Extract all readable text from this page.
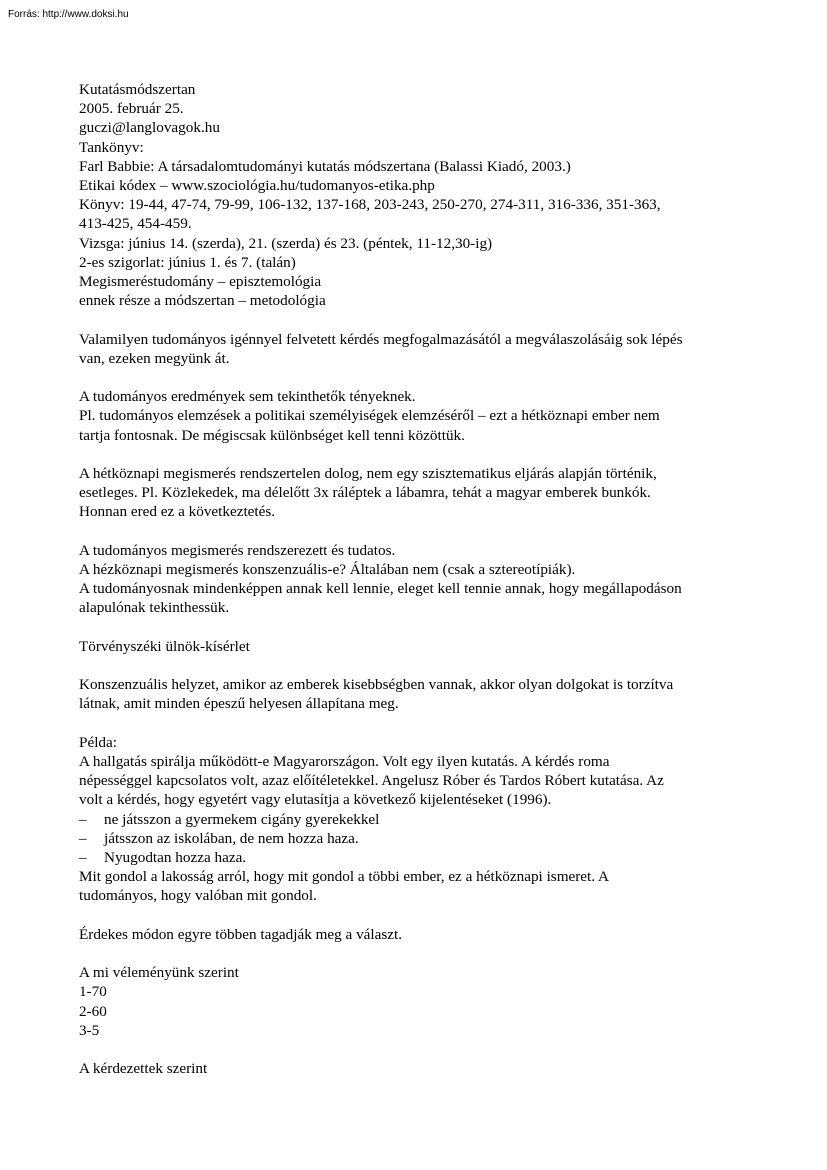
Forrás: http://www.doksi.hu
Kutatásmódszertan
2005. február 25.
guczi@langlovagok.hu
Tankönyv:
Farl Babbie: A társadalomtudományi kutatás módszertana (Balassi Kiadó, 2003.)
Etikai kódex – www.szociológia.hu/tudomanyos-etika.php
Könyv: 19-44, 47-74, 79-99, 106-132, 137-168, 203-243, 250-270, 274-311, 316-336, 351-363,
413-425, 454-459.
Vizsga: június 14. (szerda), 21. (szerda) és 23. (péntek, 11-12,30-ig)
2-es szigorlat: június 1. és 7. (talán)
Megismeréstudomány – episztemológia
ennek része a módszertan – metodológia
Valamilyen tudományos igénnyel felvetett kérdés megfogalmazásától a megválaszolásáig sok lépés
van, ezeken megyünk át.
A tudományos eredmények sem tekinthetők tényeknek.
Pl. tudományos elemzések a politikai személyiségek elemzéséről – ezt a hétköznapi ember nem
tartja fontosnak. De mégiscsak különbséget kell tenni közöttük.
A hétköznapi megismerés rendszertelen dolog, nem egy szisztematikus eljárás alapján történik,
esetleges. Pl. Közlekedek, ma délelőtt 3x ráléptek a lábamra, tehát a magyar emberek bunkók.
Honnan ered ez a következtetés.
A tudományos megismerés rendszerezett és tudatos.
A hézköznapi megismerés konszenzuális-e? Általában nem (csak a sztereotípiák).
A tudományosnak mindenképpen annak kell lennie, eleget kell tennie annak, hogy megállapodáson
alapulónak tekinthessük.
Törvényszéki ülnök-kísérlet
Konszenzuális helyzet, amikor az emberek kisebbségben vannak, akkor olyan dolgokat is torzítva
látnak, amit minden épeszű helyesen állapítana meg.
Példa:
A hallgatás spirálja működött-e Magyarországon. Volt egy ilyen kutatás. A kérdés roma
népességgel kapcsolatos volt, azaz előítéletekkel. Angelusz Róber és Tardos Róbert kutatása. Az
volt a kérdés, hogy egyetért vagy elutasítja a következő kijelentéseket (1996).
–	ne játsszon a gyermekem cigány gyerekekkel
–	játsszon az iskolában, de nem hozza haza.
–	Nyugodtan hozza haza.
Mit gondol a lakosság arról, hogy mit gondol a többi ember, ez a hétköznapi ismeret. A
tudományos, hogy valóban mit gondol.
Érdekes módon egyre többen tagadják meg a választ.
A mi véleményünk szerint
1-70
2-60
3-5
A kérdezettek szerint
